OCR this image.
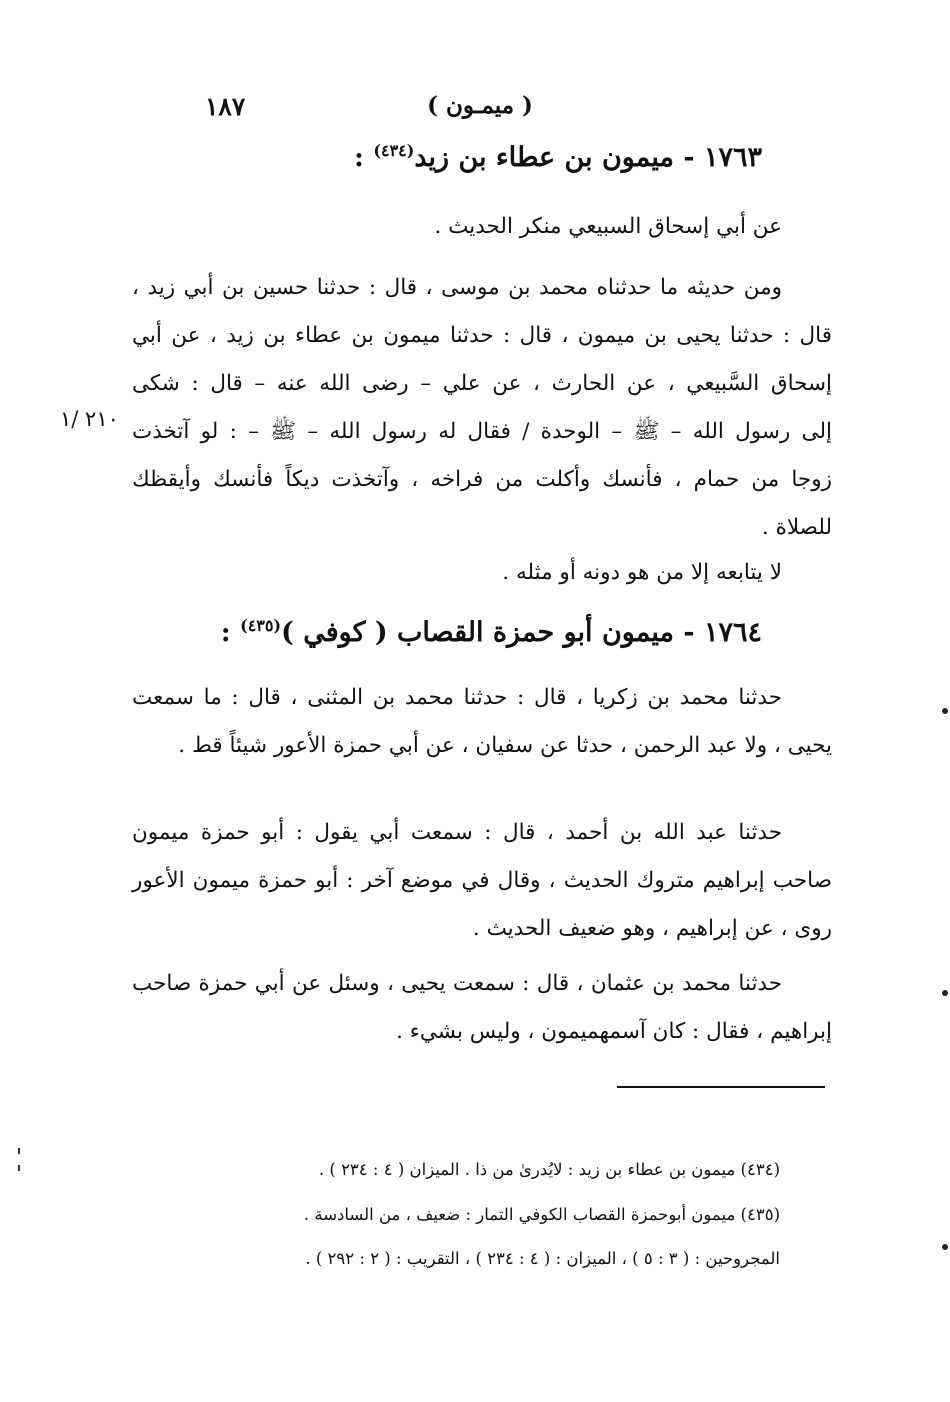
١٨٧	( ميمـون )
١٧٦٣ - ميمون بن عطاء بن زيد$^{(٤٣٤)}$ :
عن أبي إسحاق السبيعي منكر الحديث .
ومن حديثه ما حدثناه محمد بن موسى ، قال : حدثنا حسين بن أبي زيد ،
قال : حدثنا يحيى بن ميمون ، قال : حدثنا ميمون بن عطاء بن زيد ، عن أبي
إسحاق السَّبيعي ، عن الحارث ، عن علي – رضى الله عنه – قال : شكى
إلى رسول الله – ﷺ – الوحدة / فقال له رسول الله – ﷺ – : لو آتخذت
زوجا من حمام ، فأنسك وأكلت من فراخه ، وآتخذت ديكاً فأنسك وأيقظك
للصلاة .
٢١٠ /١
لا يتابعه إلا من هو دونه أو مثله .
١٧٦٤ - ميمون أبو حمزة القصاب ( كوفي )$^{(٤٣٥)}$ :
حدثنا محمد بن زكريا ، قال : حدثنا محمد بن المثنى ، قال : ما سمعت
يحيى ، ولا عبد الرحمن ، حدثا عن سفيان ، عن أبي حمزة الأعور شيئاً قط .
حدثنا عبد الله بن أحمد ، قال : سمعت أبي يقول : أبو حمزة ميمون
صاحب إبراهيم متروك الحديث ، وقال في موضع آخر : أبو حمزة ميمون الأعور
روى ، عن إبراهيم ، وهو ضعيف الحديث .
حدثنا محمد بن عثمان ، قال : سمعت يحيى ، وسئل عن أبي حمزة صاحب
إبراهيم ، فقال : كان آسمهميمون ، وليس بشيء .
(٤٣٤) ميمون بن عطاء بن زيد : لايُدرىٰ من ذا . الميزان ( ٤ : ٢٣٤ ) .
(٤٣٥) ميمون أبوحمزة القصاب الكوفي التمار : ضعيف ، من السادسة .
المجروحين : ( ٣ : ٥ ) ، الميزان : ( ٤ : ٢٣٤ ) ، التقريب : ( ٢ : ٢٩٢ ) .
